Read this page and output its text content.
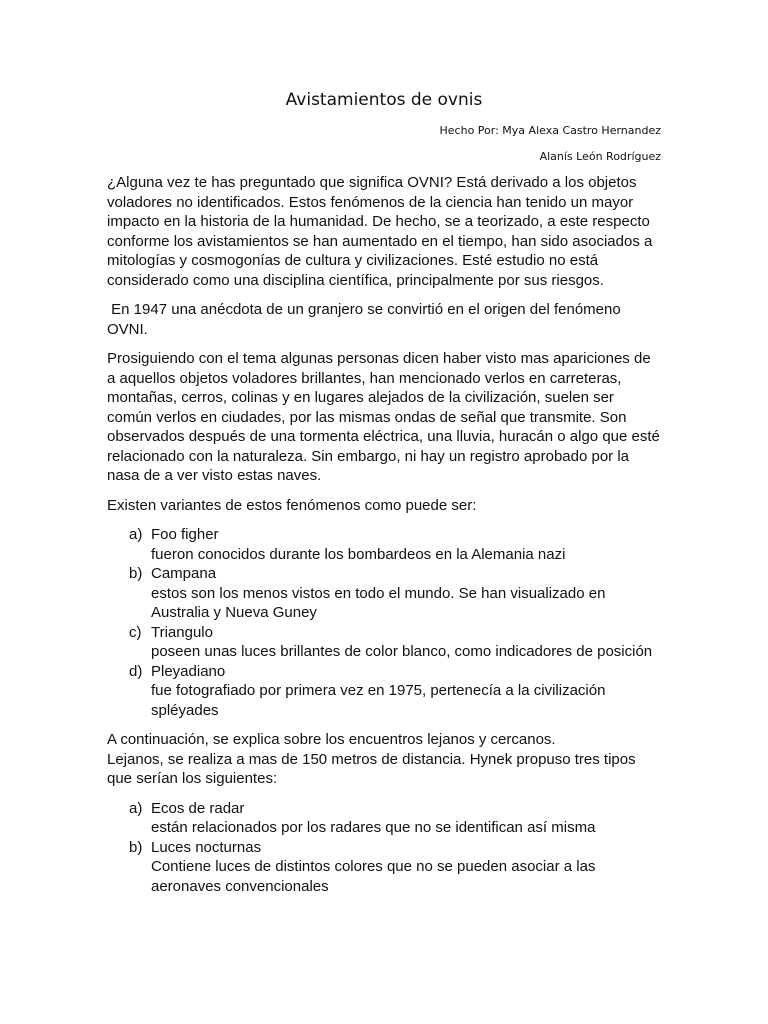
Avistamientos de ovnis
Hecho Por: Mya Alexa Castro Hernandez
Alanís León Rodríguez

¿Alguna vez te has preguntado que significa OVNI? Está derivado a los objetos voladores no identificados. Estos fenómenos de la ciencia han tenido un mayor impacto en la historia de la humanidad. De hecho, se a teorizado, a este respecto conforme los avistamientos se han aumentado en el tiempo, han sido asociados a mitologías y cosmogonías de cultura y civilizaciones. Esté estudio no está considerado como una disciplina científica, principalmente por sus riesgos.

En 1947 una anécdota de un granjero se convirtió en el origen del fenómeno OVNI.

Prosiguiendo con el tema algunas personas dicen haber visto mas apariciones de a aquellos objetos voladores brillantes, han mencionado verlos en carreteras, montañas, cerros, colinas y en lugares alejados de la civilización, suelen ser común verlos en ciudades, por las mismas ondas de señal que transmite. Son observados después de una tormenta eléctrica, una lluvia, huracán o algo que esté relacionado con la naturaleza. Sin embargo, ni hay un registro aprobado por la nasa de a ver visto estas naves.

Existen variantes de estos fenómenos como puede ser:

a) Foo figher
fueron conocidos durante los bombardeos en la Alemania nazi
b) Campana
estos son los menos vistos en todo el mundo. Se han visualizado en Australia y Nueva Guney
c) Triangulo
poseen unas luces brillantes de color blanco, como indicadores de posición
d) Pleyadiano
fue fotografiado por primera vez en 1975, pertenecía a la civilización spléyades

A continuación, se explica sobre los encuentros lejanos y cercanos.

Lejanos, se realiza a mas de 150 metros de distancia. Hynek propuso tres tipos que serían los siguientes:

a) Ecos de radar
están relacionados por los radares que no se identifican así misma
b) Luces nocturnas
Contiene luces de distintos colores que no se pueden asociar a las aeronaves convencionales
